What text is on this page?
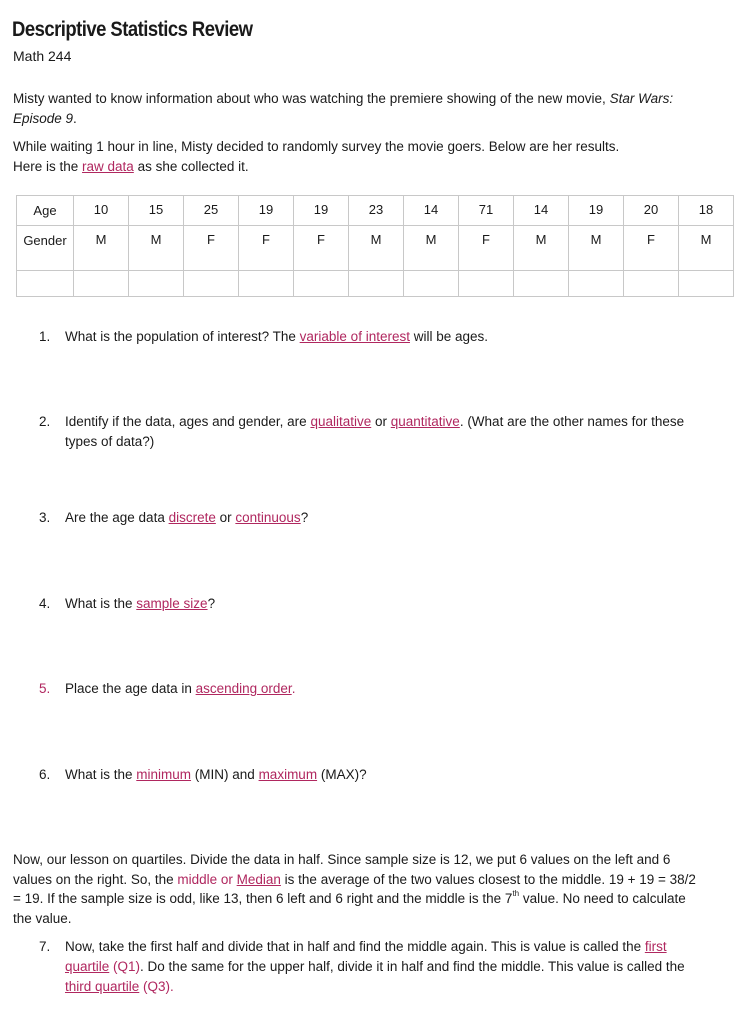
Descriptive Statistics Review
Math 244
Misty wanted to know information about who was watching the premiere showing of the new movie, Star Wars: Episode 9.
While waiting 1 hour in line, Misty decided to randomly survey the movie goers. Below are her results.
Here is the raw data as she collected it.
Age	10	15	25	19	19	23	14	71	14	19	20	18
Gender	M	M	F	F	F	M	M	F	M	M	F	M

1.	What is the population of interest? The variable of interest will be ages.
2.	Identify if the data, ages and gender, are qualitative or quantitative. (What are the other names for these types of data?)
3.	Are the age data discrete or continuous?
4.	What is the sample size?
5.	Place the age data in ascending order.
6.	What is the minimum (MIN) and maximum (MAX)?
Now, our lesson on quartiles. Divide the data in half. Since sample size is 12, we put 6 values on the left and 6 values on the right. So, the middle or Median is the average of the two values closest to the middle. 19 + 19 = 38/2 = 19. If the sample size is odd, like 13, then 6 left and 6 right and the middle is the 7th value. No need to calculate the value.
7.	Now, take the first half and divide that in half and find the middle again. This is value is called the first quartile (Q1). Do the same for the upper half, divide it in half and find the middle. This value is called the third quartile (Q3).
